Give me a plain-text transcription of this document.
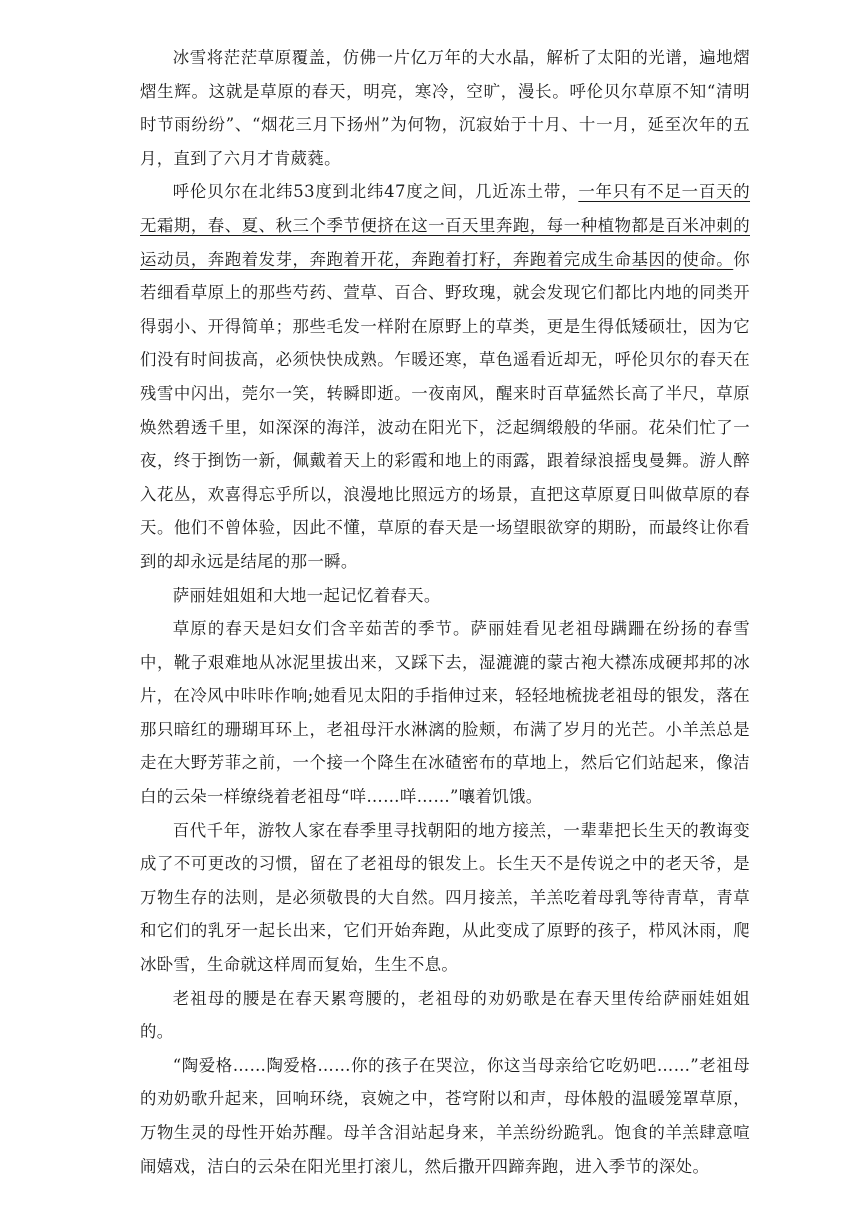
冰雪将茫茫草原覆盖，仿佛一片亿万年的大水晶，解析了太阳的光谱，遍地熠熠生辉。这就是草原的春天，明亮，寒冷，空旷，漫长。呼伦贝尔草原不知“清明时节雨纷纷”、“烟花三月下扬州”为何物，沉寂始于十月、十一月，延至次年的五月，直到了六月才肯葳蕤。

呼伦贝尔在北纬53度到北纬47度之间，几近冻土带，一年只有不足一百天的无霜期，春、夏、秋三个季节便挤在这一百天里奔跑，每一种植物都是百米冲刺的运动员，奔跑着发芽，奔跑着开花，奔跑着打籽，奔跑着完成生命基因的使命。你若细看草原上的那些芍药、萱草、百合、野玫瑰，就会发现它们都比内地的同类开得弱小、开得简单；那些毛发一样附在原野上的草类，更是生得低矮硕壮，因为它们没有时间拔高，必须快快成熟。乍暖还寒，草色遥看近却无，呼伦贝尔的春天在残雪中闪出，莞尔一笑，转瞬即逝。一夜南风，醒来时百草猛然长高了半尺，草原焕然碧透千里，如深深的海洋，波动在阳光下，泛起绸缎般的华丽。花朵们忙了一夜，终于捯饬一新，佩戴着天上的彩霞和地上的雨露，跟着绿浪摇曳曼舞。游人醉入花丛，欢喜得忘乎所以，浪漫地比照远方的场景，直把这草原夏日叫做草原的春天。他们不曾体验，因此不懂，草原的春天是一场望眼欲穿的期盼，而最终让你看到的却永远是结尾的那一瞬。

萨丽娃姐姐和大地一起记忆着春天。

草原的春天是妇女们含辛茹苦的季节。萨丽娃看见老祖母蹒跚在纷扬的春雪中，靴子艰难地从冰泥里拔出来，又踩下去，湿漉漉的蒙古袍大襟冻成硬邦邦的冰片，在冷风中咔咔作响;她看见太阳的手指伸过来，轻轻地梳拢老祖母的银发，落在那只暗红的珊瑚耳环上，老祖母汗水淋漓的脸颊，布满了岁月的光芒。小羊羔总是走在大野芳菲之前，一个接一个降生在冰碴密布的草地上，然后它们站起来，像洁白的云朵一样缭绕着老祖母“咩……咩……”嚷着饥饿。

百代千年，游牧人家在春季里寻找朝阳的地方接羔，一辈辈把长生天的教诲变成了不可更改的习惯，留在了老祖母的银发上。长生天不是传说之中的老天爷，是万物生存的法则，是必须敬畏的大自然。四月接羔，羊羔吃着母乳等待青草，青草和它们的乳牙一起长出来，它们开始奔跑，从此变成了原野的孩子，栉风沐雨，爬冰卧雪，生命就这样周而复始，生生不息。

老祖母的腰是在春天累弯腰的，老祖母的劝奶歌是在春天里传给萨丽娃姐姐的。

“陶爱格……陶爱格……你的孩子在哭泣，你这当母亲给它吃奶吧……”老祖母的劝奶歌升起来，回响环绕，哀婉之中，苍穹附以和声，母体般的温暖笼罩草原，万物生灵的母性开始苏醒。母羊含泪站起身来，羊羔纷纷跪乳。饱食的羊羔肆意喧闹嬉戏，洁白的云朵在阳光里打滚儿，然后撒开四蹄奔跑，进入季节的深处。
